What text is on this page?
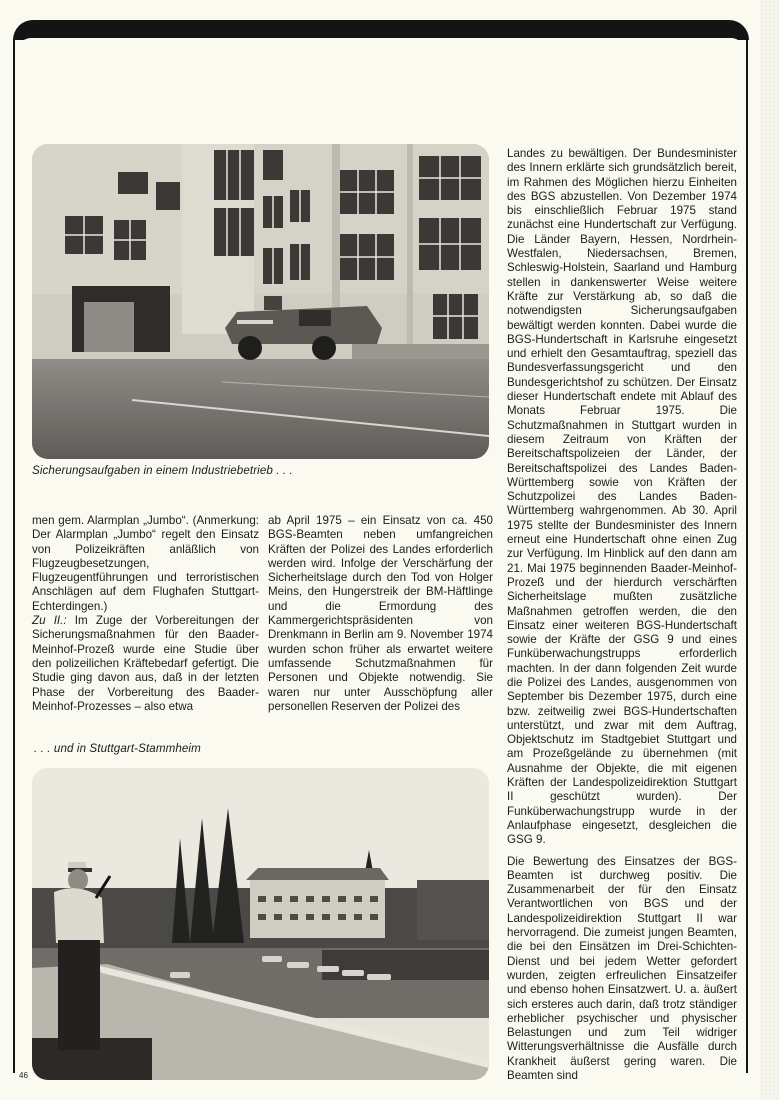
Sicherungsaufgaben in einem Industriebetrieb . . .

men gem. Alarmplan „Jumbo“. (Anmerkung: Der Alarmplan „Jumbo“ regelt den Einsatz von Polizeikräften anläßlich von Flugzeugbesetzungen, Flugzeugentführungen und terroristischen Anschlägen auf dem Flughafen Stuttgart-Echterdingen.)

Zu II.: Im Zuge der Vorbereitungen der Sicherungsmaßnahmen für den Baader-Meinhof-Prozeß wurde eine Studie über den polizeilichen Kräftebedarf gefertigt. Die Studie ging davon aus, daß in der letzten Phase der Vorbereitung des Baader-Meinhof-Prozesses – also etwa

ab April 1975 – ein Einsatz von ca. 450 BGS-Beamten neben umfangreichen Kräften der Polizei des Landes erforderlich werden wird. Infolge der Verschärfung der Sicherheitslage durch den Tod von Holger Meins, den Hungerstreik der BM-Häftlinge und die Ermordung des Kammergerichtspräsidenten von Drenkmann in Berlin am 9. November 1974 wurden schon früher als erwartet weitere umfassende Schutzmaßnahmen für Personen und Objekte notwendig. Sie waren nur unter Ausschöpfung aller personellen Reserven der Polizei des

Landes zu bewältigen. Der Bundesminister des Innern erklärte sich grundsätzlich bereit, im Rahmen des Möglichen hierzu Einheiten des BGS abzustellen. Von Dezember 1974 bis einschließlich Februar 1975 stand zunächst eine Hundertschaft zur Verfügung. Die Länder Bayern, Hessen, Nordrhein-Westfalen, Niedersachsen, Bremen, Schleswig-Holstein, Saarland und Hamburg stellen in dankenswerter Weise weitere Kräfte zur Verstärkung ab, so daß die notwendigsten Sicherungsaufgaben bewältigt werden konnten. Dabei wurde die BGS-Hundertschaft in Karlsruhe eingesetzt und erhielt den Gesamtauftrag, speziell das Bundesverfassungsgericht und den Bundesgerichtshof zu schützen. Der Einsatz dieser Hundertschaft endete mit Ablauf des Monats Februar 1975. Die Schutzmaßnahmen in Stuttgart wurden in diesem Zeitraum von Kräften der Bereitschaftspolizeien der Länder, der Bereitschaftspolizei des Landes Baden-Württemberg sowie von Kräften der Schutzpolizei des Landes Baden-Württemberg wahrgenommen. Ab 30. April 1975 stellte der Bundesminister des Innern erneut eine Hundertschaft ohne einen Zug zur Verfügung. Im Hinblick auf den dann am 21. Mai 1975 beginnenden Baader-Meinhof-Prozeß und der hierdurch verschärften Sicherheitslage mußten zusätzliche Maßnahmen getroffen werden, die den Einsatz einer weiteren BGS-Hundertschaft sowie der Kräfte der GSG 9 und eines Funküberwachungstrupps erforderlich machten. In der dann folgenden Zeit wurde die Polizei des Landes, ausgenommen von September bis Dezember 1975, durch eine bzw. zeitweilig zwei BGS-Hundertschaften unterstützt, und zwar mit dem Auftrag, Objektschutz im Stadtgebiet Stuttgart und am Prozeßgelände zu übernehmen (mit Ausnahme der Objekte, die mit eigenen Kräften der Landespolizeidirektion Stuttgart II geschützt wurden). Der Funküberwachungstrupp wurde in der Anlaufphase eingesetzt, desgleichen die GSG 9.

Die Bewertung des Einsatzes der BGS-Beamten ist durchweg positiv. Die Zusammenarbeit der für den Einsatz Verantwortlichen von BGS und der Landespolizeidirektion Stuttgart II war hervorragend. Die zumeist jungen Beamten, die bei den Einsätzen im Drei-Schichten-Dienst und bei jedem Wetter gefordert wurden, zeigten erfreulichen Einsatzeifer und ebenso hohen Einsatzwert. U. a. äußert sich ersteres auch darin, daß trotz ständiger erheblicher psychischer und physischer Belastungen und zum Teil widriger Witterungsverhältnisse die Ausfälle durch Krankheit äußerst gering waren. Die Beamten sind

. . . und in Stuttgart-Stammheim
46
